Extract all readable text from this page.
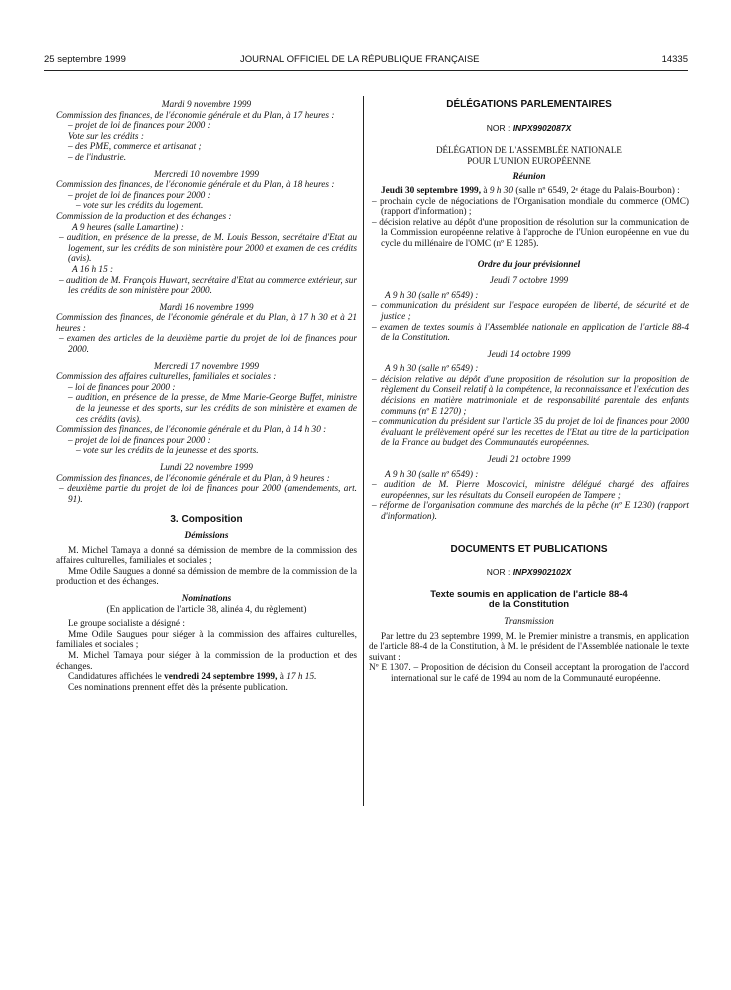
25 septembre 1999	JOURNAL OFFICIEL DE LA RÉPUBLIQUE FRANÇAISE	14335

Mardi 9 novembre 1999

Commission des finances, de l'économie générale et du Plan, à 17 heures :

– projet de loi de finances pour 2000 :

Vote sur les crédits :

– des PME, commerce et artisanat ;

– de l'industrie.

Mercredi 10 novembre 1999

Commission des finances, de l'économie générale et du Plan, à 18 heures :

– projet de loi de finances pour 2000 :

– vote sur les crédits du logement.

Commission de la production et des échanges :

A 9 heures (salle Lamartine) :

– audition, en présence de la presse, de M. Louis Besson, secrétaire d'Etat au logement, sur les crédits de son ministère pour 2000 et examen de ces crédits (avis).

A 16 h 15 :

– audition de M. François Huwart, secrétaire d'Etat au commerce extérieur, sur les crédits de son ministère pour 2000.

Mardi 16 novembre 1999

Commission des finances, de l'économie générale et du Plan, à 17 h 30 et à 21 heures :

– examen des articles de la deuxième partie du projet de loi de finances pour 2000.

Mercredi 17 novembre 1999

Commission des affaires culturelles, familiales et sociales :

– loi de finances pour 2000 :

– audition, en présence de la presse, de Mme Marie-George Buffet, ministre de la jeunesse et des sports, sur les crédits de son ministère et examen de ces crédits (avis).

Commission des finances, de l'économie générale et du Plan, à 14 h 30 :

– projet de loi de finances pour 2000 :

– vote sur les crédits de la jeunesse et des sports.

Lundi 22 novembre 1999

Commission des finances, de l'économie générale et du Plan, à 9 heures :

– deuxième partie du projet de loi de finances pour 2000 (amendements, art. 91).

3. Composition

Démissions

M. Michel Tamaya a donné sa démission de membre de la commission des affaires culturelles, familiales et sociales ;

Mme Odile Saugues a donné sa démission de membre de la commission de la production et des échanges.

Nominations

(En application de l'article 38, alinéa 4, du règlement)

Le groupe socialiste a désigné :

Mme Odile Saugues pour siéger à la commission des affaires culturelles, familiales et sociales ;

M. Michel Tamaya pour siéger à la commission de la production et des échanges.

Candidatures affichées le vendredi 24 septembre 1999, à 17 h 15.

Ces nominations prennent effet dès la présente publication.

DÉLÉGATIONS PARLEMENTAIRES

NOR : INPX9902087X

DÉLÉGATION DE L'ASSEMBLÉE NATIONALE

POUR L'UNION EUROPÉENNE

Réunion

Jeudi 30 septembre 1999, à 9 h 30 (salle nº 6549, 2ᵉ étage du Palais-Bourbon) :

– prochain cycle de négociations de l'Organisation mondiale du commerce (OMC) (rapport d'information) ;

– décision relative au dépôt d'une proposition de résolution sur la communication de la Commission européenne relative à l'approche de l'Union européenne en vue du cycle du millénaire de l'OMC (nº E 1285).

Ordre du jour prévisionnel

Jeudi 7 octobre 1999

A 9 h 30 (salle nº 6549) :

– communication du président sur l'espace européen de liberté, de sécurité et de justice ;

– examen de textes soumis à l'Assemblée nationale en application de l'article 88-4 de la Constitution.

Jeudi 14 octobre 1999

A 9 h 30 (salle nº 6549) :

– décision relative au dépôt d'une proposition de résolution sur la proposition de règlement du Conseil relatif à la compétence, la reconnaissance et l'exécution des décisions en matière matrimoniale et de responsabilité parentale des enfants communs (nº E 1270) ;

– communication du président sur l'article 35 du projet de loi de finances pour 2000 évaluant le prélèvement opéré sur les recettes de l'Etat au titre de la participation de la France au budget des Communautés européennes.

Jeudi 21 octobre 1999

A 9 h 30 (salle nº 6549) :

– audition de M. Pierre Moscovici, ministre délégué chargé des affaires européennes, sur les résultats du Conseil européen de Tampere ;

– réforme de l'organisation commune des marchés de la pêche (nº E 1230) (rapport d'information).

DOCUMENTS ET PUBLICATIONS

NOR : INPX9902102X

Texte soumis en application de l'article 88-4

de la Constitution

Transmission

Par lettre du 23 septembre 1999, M. le Premier ministre a transmis, en application de l'article 88-4 de la Constitution, à M. le président de l'Assemblée nationale le texte suivant :

Nº E 1307. – Proposition de décision du Conseil acceptant la prorogation de l'accord international sur le café de 1994 au nom de la Communauté européenne.
